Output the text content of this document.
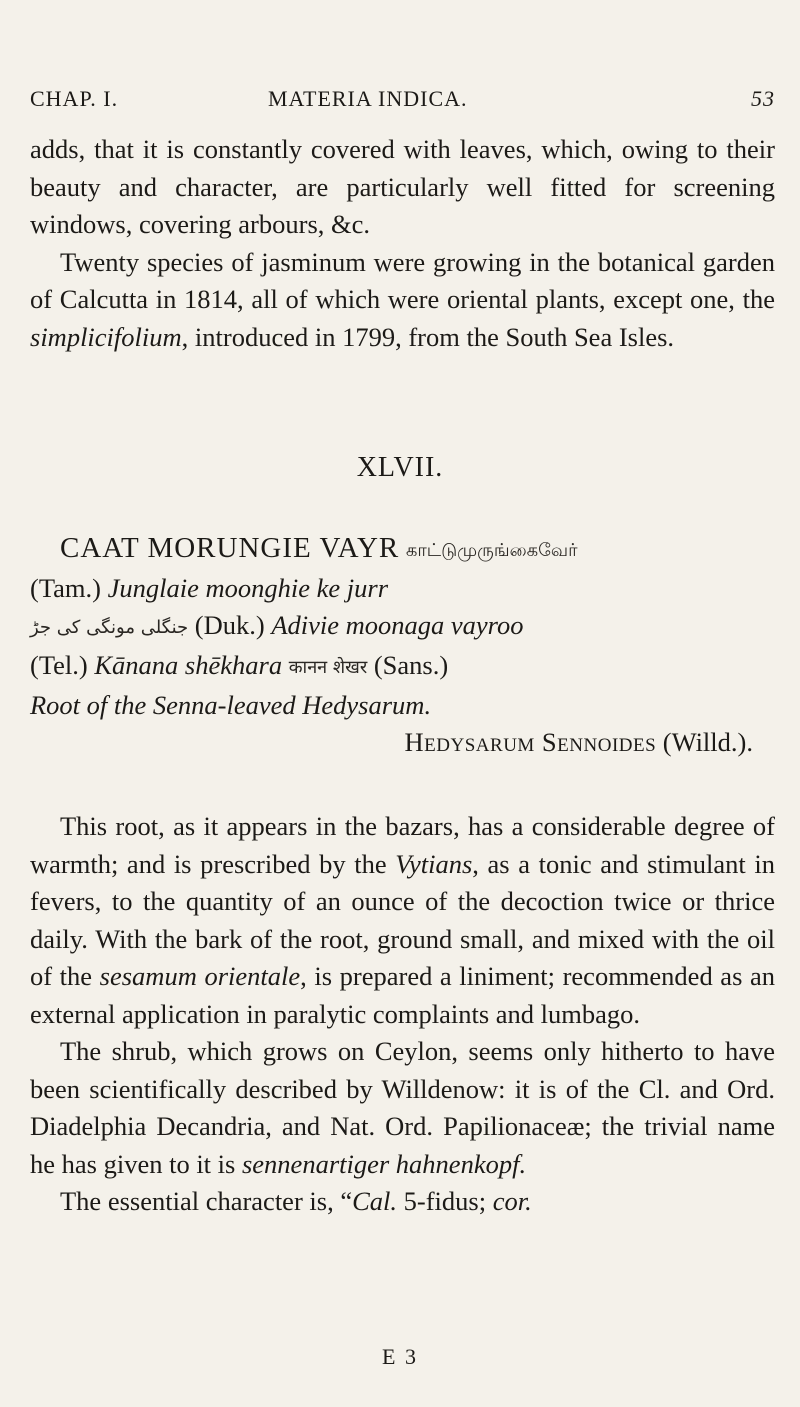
CHAP. I.	MATERIA INDICA.	53
adds, that it is constantly covered with leaves, which, owing to their beauty and character, are particularly well fitted for screening windows, covering arbours, &c.
Twenty species of jasminum were growing in the botanical garden of Calcutta in 1814, all of which were oriental plants, except one, the simplicifolium, introduced in 1799, from the South Sea Isles.
XLVII.
CAAT MORUNGIE VAYR காட்டுமுருங்கைவேர்
(Tam.) Junglaie moonghie ke jurr
جنگلی مونگی کی جڑ (Duk.) Adivie moonaga vayroo
(Tel.) Kānana shēkhara कानन शेखर (Sans.)
Root of the Senna-leaved Hedysarum.
Hedysarum Sennoides (Willd.).
This root, as it appears in the bazars, has a considerable degree of warmth; and is prescribed by the Vytians, as a tonic and stimulant in fevers, to the quantity of an ounce of the decoction twice or thrice daily. With the bark of the root, ground small, and mixed with the oil of the sesamum orientale, is prepared a liniment; recommended as an external application in paralytic complaints and lumbago.
The shrub, which grows on Ceylon, seems only hitherto to have been scientifically described by Willdenow: it is of the Cl. and Ord. Diadelphia Decandria, and Nat. Ord. Papilionaceæ; the trivial name he has given to it is sennenartiger hahnenkopf.
The essential character is, “Cal. 5-fidus; cor.
E 3
